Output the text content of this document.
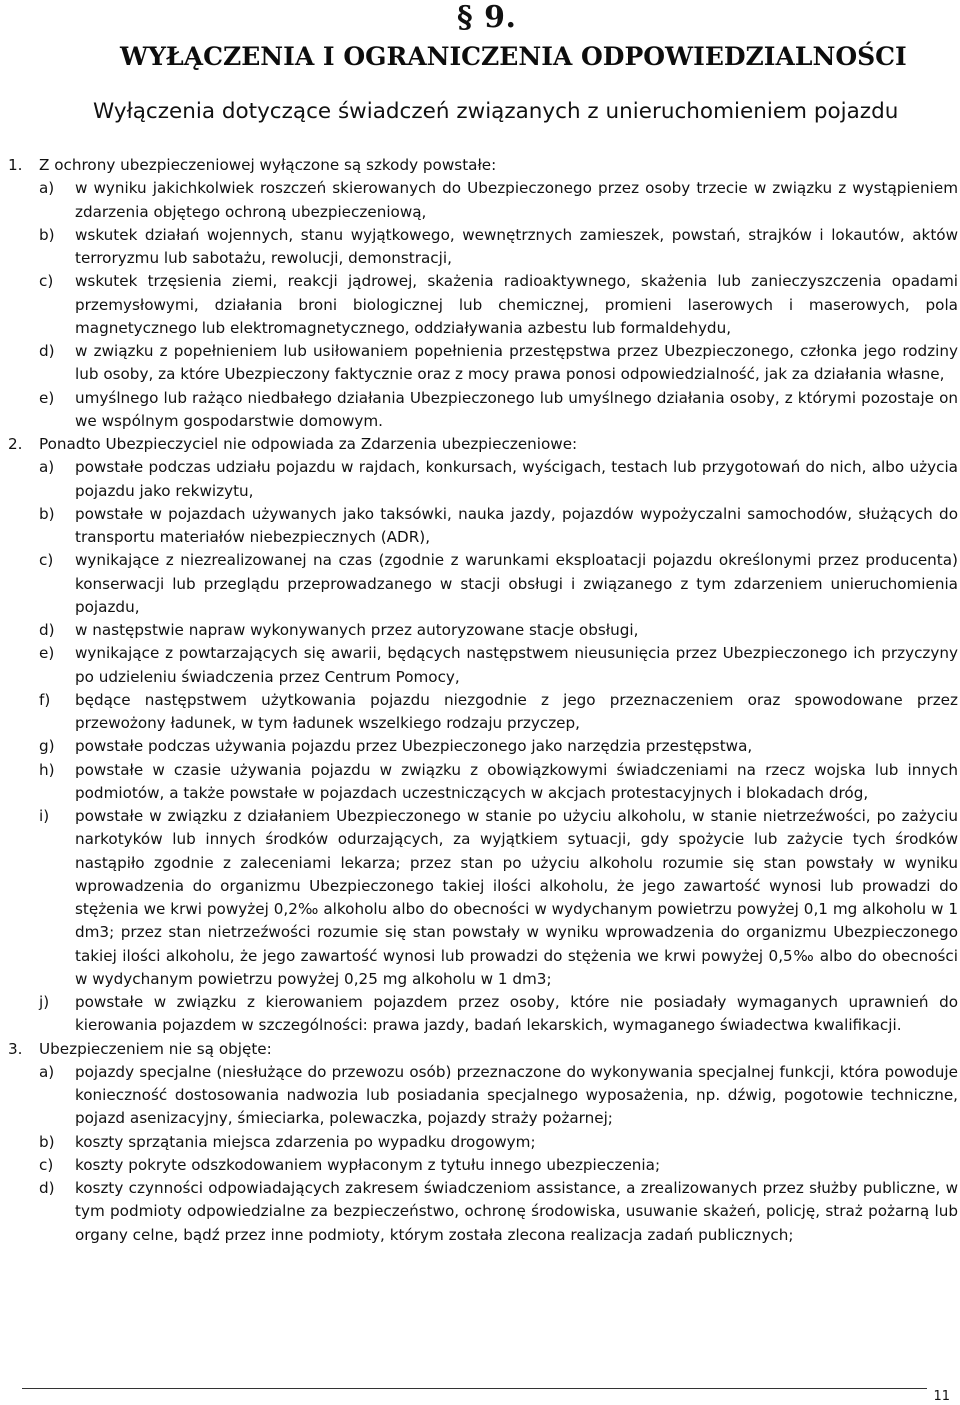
§ 9.
WYŁĄCZENIA I OGRANICZENIA ODPOWIEDZIALNOŚCI
Wyłączenia dotyczące świadczeń związanych z unieruchomieniem pojazdu
1. Z ochrony ubezpieczeniowej wyłączone są szkody powstałe:
a) w wyniku jakichkolwiek roszczeń skierowanych do Ubezpieczonego przez osoby trzecie w związku z wystąpieniem zdarzenia objętego ochroną ubezpieczeniową,
b) wskutek działań wojennych, stanu wyjątkowego, wewnętrznych zamieszek, powstań, strajków i lokautów, aktów terroryzmu lub sabotażu, rewolucji, demonstracji,
c) wskutek trzęsienia ziemi, reakcji jądrowej, skażenia radioaktywnego, skażenia lub zanieczyszczenia opadami przemysłowymi, działania broni biologicznej lub chemicznej, promieni laserowych i maserowych, pola magnetycznego lub elektromagnetycznego, oddziaływania azbestu lub formaldehydu,
d) w związku z popełnieniem lub usiłowaniem popełnienia przestępstwa przez Ubezpieczonego, członka jego rodziny lub osoby, za które Ubezpieczony faktycznie oraz z mocy prawa ponosi odpowiedzialność, jak za działania własne,
e) umyślnego lub rażąco niedbałego działania Ubezpieczonego lub umyślnego działania osoby, z którymi pozostaje on we wspólnym gospodarstwie domowym.
2. Ponadto Ubezpieczyciel nie odpowiada za Zdarzenia ubezpieczeniowe:
a) powstałe podczas udziału pojazdu w rajdach, konkursach, wyścigach, testach lub przygotowań do nich, albo użycia pojazdu jako rekwizytu,
b) powstałe w pojazdach używanych jako taksówki, nauka jazdy, pojazdów wypożyczalni samochodów, służących do transportu materiałów niebezpiecznych (ADR),
c) wynikające z niezrealizowanej na czas (zgodnie z warunkami eksploatacji pojazdu określonymi przez producenta) konserwacji lub przeglądu przeprowadzanego w stacji obsługi i związanego z tym zdarzeniem unieruchomienia pojazdu,
d) w następstwie napraw wykonywanych przez autoryzowane stacje obsługi,
e) wynikające z powtarzających się awarii, będących następstwem nieusunięcia przez Ubezpieczonego ich przyczyny po udzieleniu świadczenia przez Centrum Pomocy,
f) będące następstwem użytkowania pojazdu niezgodnie z jego przeznaczeniem oraz spowodowane przez przewożony ładunek, w tym ładunek wszelkiego rodzaju przyczep,
g) powstałe podczas używania pojazdu przez Ubezpieczonego jako narzędzia przestępstwa,
h) powstałe w czasie używania pojazdu w związku z obowiązkowymi świadczeniami na rzecz wojska lub innych podmiotów, a także powstałe w pojazdach uczestniczących w akcjach protestacyjnych i blokadach dróg,
i) powstałe w związku z działaniem Ubezpieczonego w stanie po użyciu alkoholu, w stanie nietrzeźwości, po zażyciu narkotyków lub innych środków odurzających, za wyjątkiem sytuacji, gdy spożycie lub zażycie tych środków nastąpiło zgodnie z zaleceniami lekarza; przez stan po użyciu alkoholu rozumie się stan powstały w wyniku wprowadzenia do organizmu Ubezpieczonego takiej ilości alkoholu, że jego zawartość wynosi lub prowadzi do stężenia we krwi powyżej 0,2‰ alkoholu albo do obecności w wydychanym powietrzu powyżej 0,1 mg alkoholu w 1 dm3; przez stan nietrzeźwości rozumie się stan powstały w wyniku wprowadzenia do organizmu Ubezpieczonego takiej ilości alkoholu, że jego zawartość wynosi lub prowadzi do stężenia we krwi powyżej 0,5‰ albo do obecności w wydychanym powietrzu powyżej 0,25 mg alkoholu w 1 dm3;
j) powstałe w związku z kierowaniem pojazdem przez osoby, które nie posiadały wymaganych uprawnień do kierowania pojazdem w szczególności: prawa jazdy, badań lekarskich, wymaganego świadectwa kwalifikacji.
3. Ubezpieczeniem nie są objęte:
a) pojazdy specjalne (niesłużące do przewozu osób) przeznaczone do wykonywania specjalnej funkcji, która powoduje konieczność dostosowania nadwozia lub posiadania specjalnego wyposażenia, np. dźwig, pogotowie techniczne, pojazd asenizacyjny, śmieciarka, polewaczka, pojazdy straży pożarnej;
b) koszty sprzątania miejsca zdarzenia po wypadku drogowym;
c) koszty pokryte odszkodowaniem wypłaconym z tytułu innego ubezpieczenia;
d) koszty czynności odpowiadających zakresem świadczeniom assistance, a zrealizowanych przez służby publiczne, w tym podmioty odpowiedzialne za bezpieczeństwo, ochronę środowiska, usuwanie skażeń, policję, straż pożarną lub organy celne, bądź przez inne podmioty, którym została zlecona realizacja zadań publicznych;
11
